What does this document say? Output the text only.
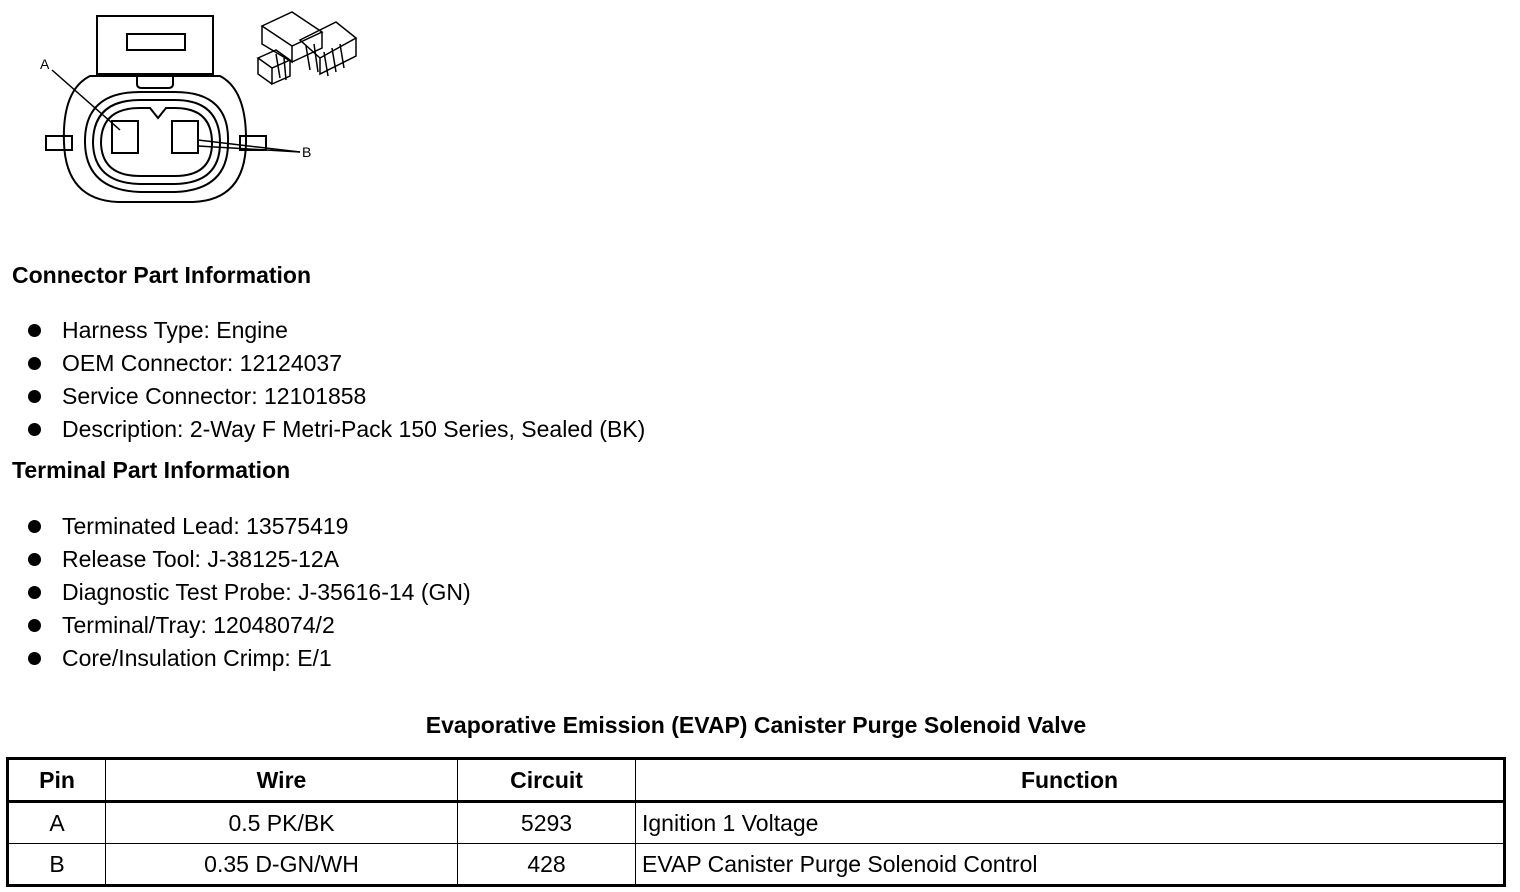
A
B
Connector Part Information
Harness Type: Engine
OEM Connector: 12124037
Service Connector: 12101858
Description: 2-Way F Metri-Pack 150 Series, Sealed (BK)
Terminal Part Information
Terminated Lead: 13575419
Release Tool: J-38125-12A
Diagnostic Test Probe: J-35616-14 (GN)
Terminal/Tray: 12048074/2
Core/Insulation Crimp: E/1
Evaporative Emission (EVAP) Canister Purge Solenoid Valve
Pin	Wire	Circuit	Function
A	0.5 PK/BK	5293	Ignition 1 Voltage
B	0.35 D-GN/WH	428	EVAP Canister Purge Solenoid Control
